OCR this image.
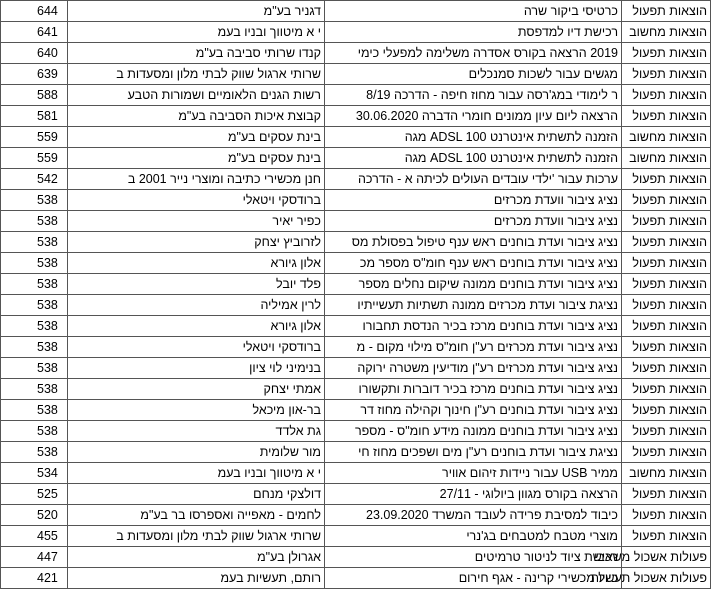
644	דגניר בע"מ	כרטיסי ביקור שרה	הוצאות תפעול
641	י א מיטווך ובניו בעמ	רכישת דיו למדפסת	הוצאות מחשוב
640	קנדו שרותי סביבה בע"מ	2019 הרצאה בקורס אסדרה משלימה למפעלי כימי	הוצאות תפעול
639	שרותי ארגול שווק לבתי מלון ומסעדות ב	מגשים עבור לשכות סמנכלים	הוצאות תפעול
588	רשות הגנים הלאומיים ושמורות הטבע	ר לימודי במג'רסה עבור מחוז חיפה - הדרכה 8/19	הוצאות תפעול
581	קבוצת איכות הסביבה בע"מ	הרצאה ליום עיון ממונים חומרי הדברה 30.06.2020	הוצאות תפעול
559	בינת עסקים בע"מ	הזמנה לתשתית אינטרנט ADSL 100 מגה	הוצאות מחשוב
559	בינת עסקים בע"מ	הזמנה לתשתית אינטרנט ADSL 100 מגה	הוצאות מחשוב
542	חנן מכשירי כתיבה ומוצרי נייר 2001 ב	ערכות עבור 'ילדי עובדים העולים לכיתה א - הדרכה	הוצאות תפעול
538	ברודסקי ויטאלי	נציג ציבור וועדת מכרזים	הוצאות תפעול
538	כפיר יאיר	נציג ציבור וועדת מכרזים	הוצאות תפעול
538	לזרוביץ יצחק	נציג ציבור ועדת בוחנים ראש ענף טיפול בפסולת מס	הוצאות תפעול
538	אלון גיורא	נציג ציבור ועדת בוחנים ראש ענף חומ"ס מספר מכ	הוצאות תפעול
538	פלד יובל	נציג ציבור ועדת בוחנים ממונה שיקום נחלים מספר	הוצאות תפעול
538	לרין אמיליה	נציגת ציבור ועדת מכרזים ממונה תשתיות תעשייתיו	הוצאות תפעול
538	אלון גיורא	נציג ציבור ועדת בוחנים מרכז בכיר הנדסת תחבורו	הוצאות תפעול
538	ברודסקי ויטאלי	נציג ציבור ועדת מכרזים רע"ן חומ"ס מילוי מקום - מ	הוצאות תפעול
538	בנימיני לוי ציון	נציג ציבור ועדת מכרזים רע"ן מודיעין משטרה ירוקה	הוצאות תפעול
538	אמתי יצחק	נציג ציבור ועדת בוחנים מרכז בכיר דוברות ותקשורו	הוצאות תפעול
538	בר-און מיכאל	נציג ציבור ועדת בוחנים רע"ן חינוך וקהילה מחוז דר	הוצאות תפעול
538	גת אלדד	נציג ציבור ועדת בוחנים ממונה מידע חומ"ס - מספר	הוצאות תפעול
538	מור שלומית	נציגת ציבור ועדת בוחנים רע"ן מים ושפכים מחוז חי	הוצאות תפעול
534	י א מיטווך ובניו בעמ	ממיר USB עבור ניידות זיהום אוויר	הוצאות מחשוב
525	דולצקי מנחם	הרצאה בקורס מגוון ביולוגי - 27/11	הוצאות תפעול
520	לחמים - מאפייה ואספרסו בר בע"מ	כיבוד למסיבת פרידה לעובד המשרד 23.09.2020	הוצאות תפעול
455	שרותי ארגול שווק לבתי מלון ומסעדות ב	מוצרי מטבח למטבחים בג'נרי	הוצאות תפעול
447	אגרולן בע"מ	רכישת ציוד לניטור טרמיטים	פעולות אשכול משאבי
421	רותם, תעשיות בעמ	כיול מכשירי קרינה - אגף חירום	פעולות אשכול תעשיות
